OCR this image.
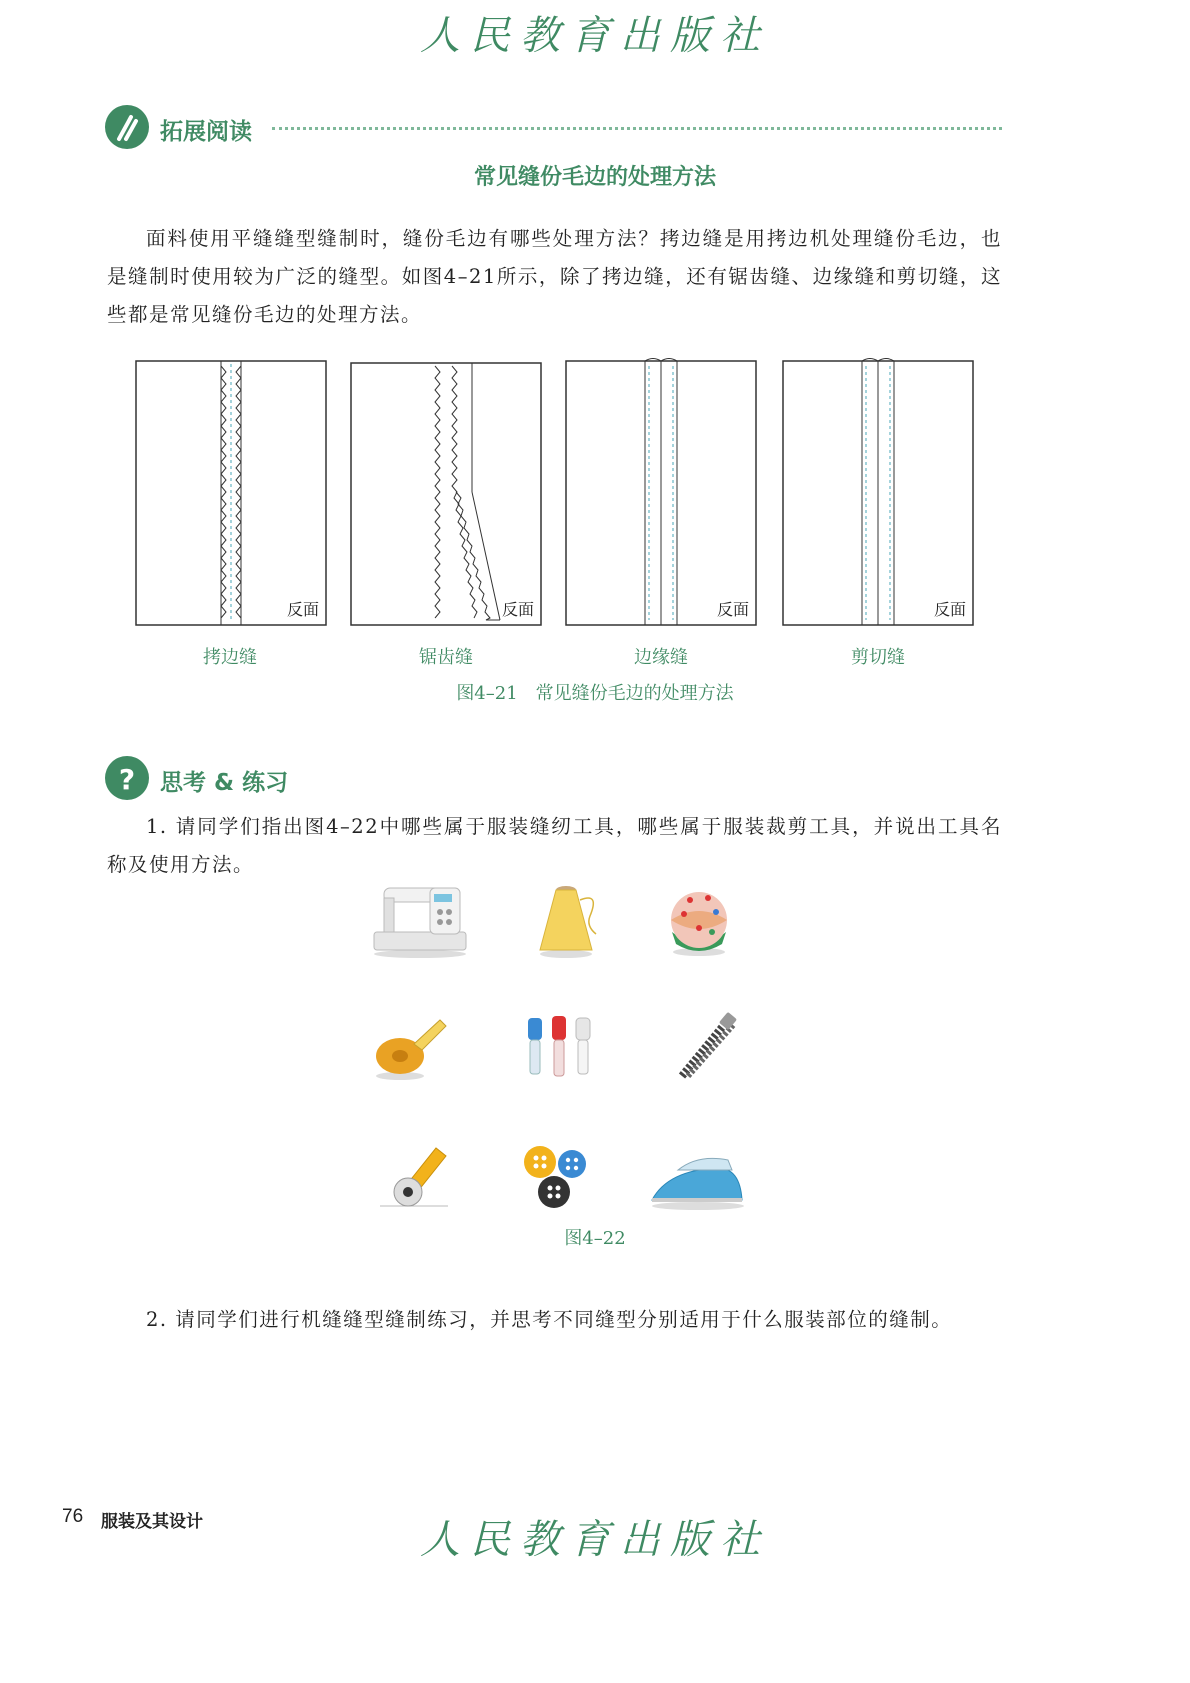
人民教育出版社
拓展阅读
常见缝份毛边的处理方法
面料使用平缝缝型缝制时，缝份毛边有哪些处理方法？拷边缝是用拷边机处理缝份毛边，也是缝制时使用较为广泛的缝型。如图4–21所示，除了拷边缝，还有锯齿缝、边缘缝和剪切缝，这些都是常见缝份毛边的处理方法。
反面	反面	反面	反面
拷边缝	锯齿缝	边缘缝	剪切缝
图4–21　常见缝份毛边的处理方法
? 思考 & 练习
1. 请同学们指出图4–22中哪些属于服装缝纫工具，哪些属于服装裁剪工具，并说出工具名称及使用方法。
图4–22
2. 请同学们进行机缝缝型缝制练习，并思考不同缝型分别适用于什么服装部位的缝制。
76 服装及其设计	人民教育出版社
